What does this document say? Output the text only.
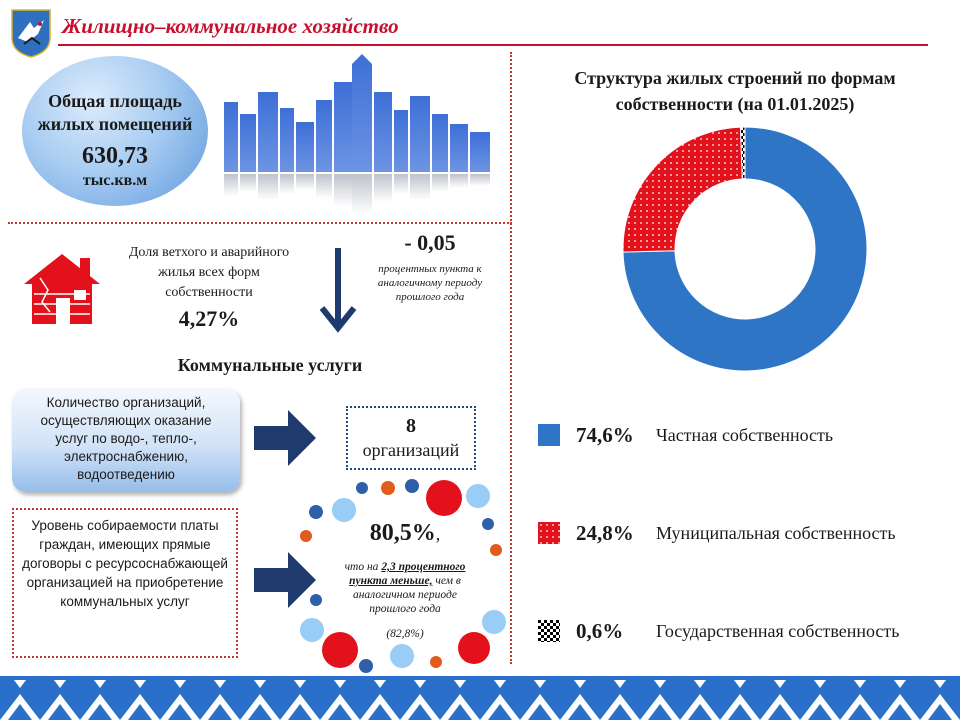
Жилищно–коммунальное хозяйство
Общая площадь жилых помещений
630,73
тыс.кв.м
Доля ветхого и аварийного жилья всех форм собственности
4,27%
- 0,05
процентных пункта к аналогичному периоду прошлого года
Коммунальные услуги
Количество организаций, осуществляющих оказание услуг по водо-, тепло-, электроснабжению, водоотведению
8
организаций
Уровень собираемости платы граждан, имеющих прямые договоры с ресурсоснабжающей организацией на приобретение коммунальных услуг
80,5%,
что на 2,3 процентного пункта меньше, чем в аналогичном периоде прошлого года
(82,8%)
Структура жилых строений по формам собственности (на 01.01.2025)
74,6% Частная собственность
24,8% Муниципальная собственность
0,6% Государственная собственность
